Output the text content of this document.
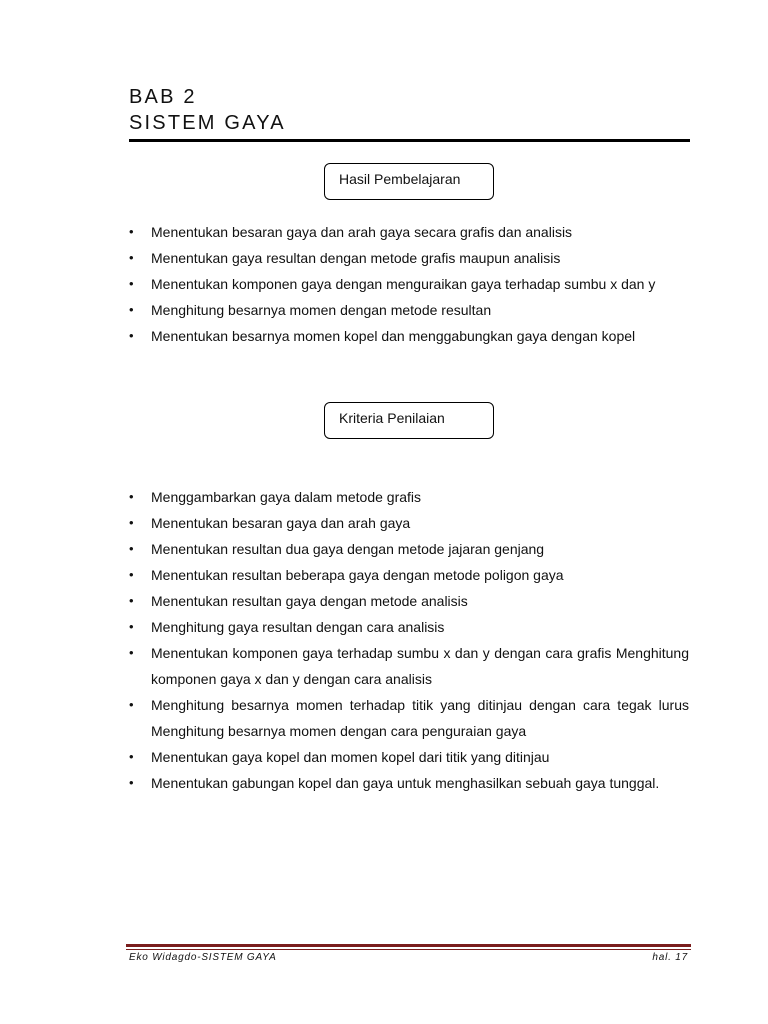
BAB 2
SISTEM GAYA
Hasil Pembelajaran
•	Menentukan besaran gaya dan arah gaya secara grafis dan analisis
•	Menentukan gaya resultan dengan metode grafis maupun analisis
•	Menentukan komponen gaya dengan menguraikan gaya terhadap sumbu x dan y
•	Menghitung besarnya momen dengan metode resultan
•	Menentukan besarnya momen kopel dan menggabungkan gaya dengan kopel
Kriteria Penilaian
•	Menggambarkan gaya dalam metode grafis
•	Menentukan besaran gaya dan arah gaya
•	Menentukan resultan dua gaya dengan metode jajaran genjang
•	Menentukan resultan beberapa gaya dengan metode poligon gaya
•	Menentukan resultan gaya dengan metode analisis
•	Menghitung gaya resultan dengan cara analisis
•	Menentukan komponen gaya terhadap sumbu x dan y dengan cara grafis Menghitung komponen gaya x dan y dengan cara analisis
•	Menghitung besarnya momen terhadap titik yang ditinjau dengan cara tegak lurus Menghitung besarnya momen dengan cara penguraian gaya
•	Menentukan gaya kopel dan momen kopel dari titik yang ditinjau
•	Menentukan gabungan kopel dan gaya untuk menghasilkan sebuah gaya tunggal.
Eko Widagdo-SISTEM GAYA	hal. 17
